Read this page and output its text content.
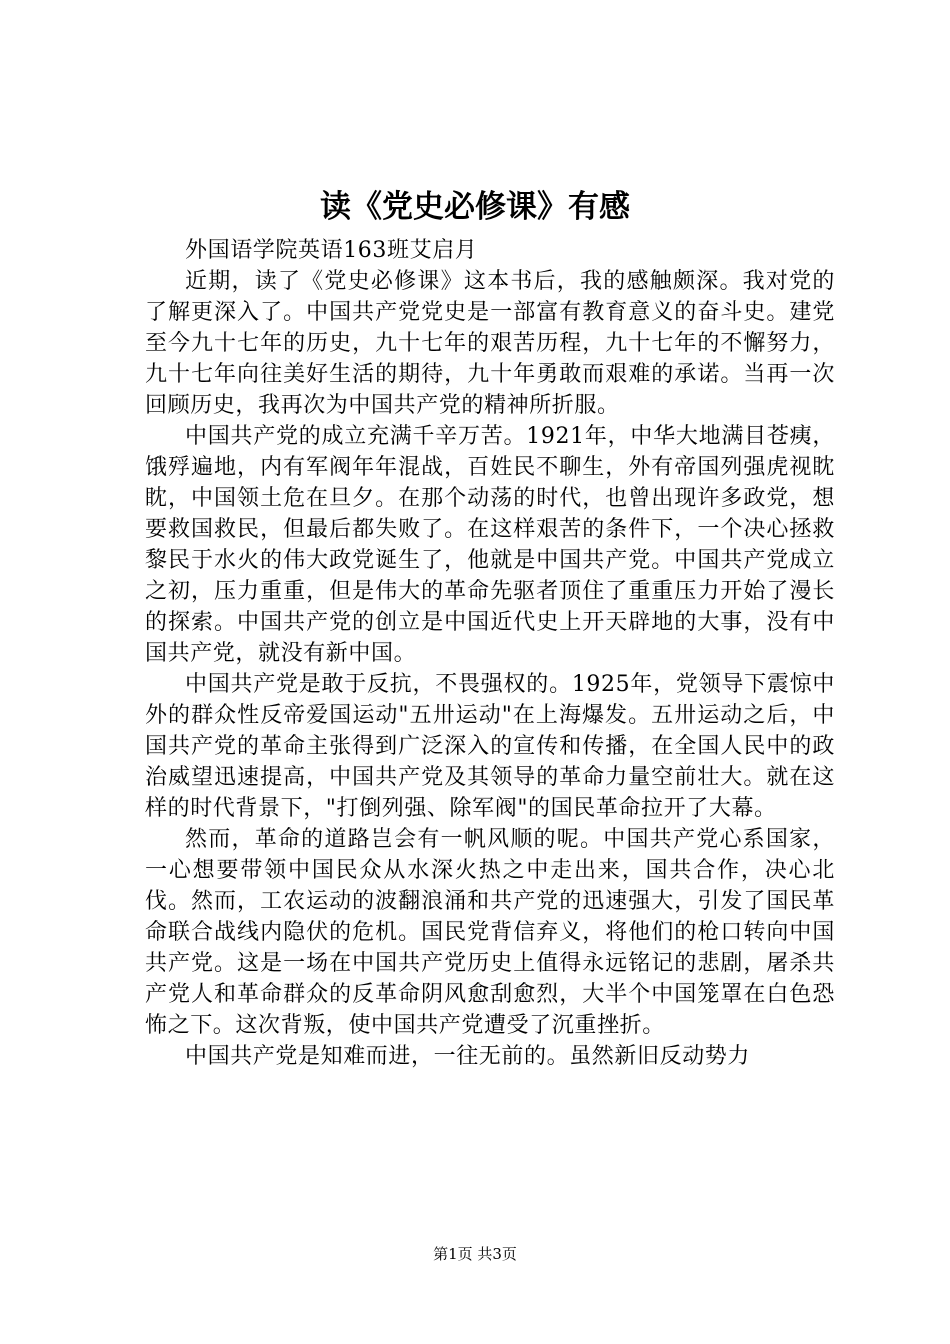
读《党史必修课》有感

外国语学院英语163班艾启月

近期，读了《党史必修课》这本书后，我的感触颇深。我对党的了解更深入了。中国共产党党史是一部富有教育意义的奋斗史。建党至今九十七年的历史，九十七年的艰苦历程，九十七年的不懈努力，九十七年向往美好生活的期待，九十年勇敢而艰难的承诺。当再一次回顾历史，我再次为中国共产党的精神所折服。

中国共产党的成立充满千辛万苦。1921年，中华大地满目苍痍，饿殍遍地，内有军阀年年混战，百姓民不聊生，外有帝国列强虎视眈眈，中国领土危在旦夕。在那个动荡的时代，也曾出现许多政党，想要救国救民，但最后都失败了。在这样艰苦的条件下，一个决心拯救黎民于水火的伟大政党诞生了，他就是中国共产党。中国共产党成立之初，压力重重，但是伟大的革命先驱者顶住了重重压力开始了漫长的探索。中国共产党的创立是中国近代史上开天辟地的大事，没有中国共产党，就没有新中国。

中国共产党是敢于反抗，不畏强权的。1925年，党领导下震惊中外的群众性反帝爱国运动"五卅运动"在上海爆发。五卅运动之后，中国共产党的革命主张得到广泛深入的宣传和传播，在全国人民中的政治威望迅速提高，中国共产党及其领导的革命力量空前壮大。就在这样的时代背景下，"打倒列强、除军阀"的国民革命拉开了大幕。

然而，革命的道路岂会有一帆风顺的呢。中国共产党心系国家，一心想要带领中国民众从水深火热之中走出来，国共合作，决心北伐。然而，工农运动的波翻浪涌和共产党的迅速强大，引发了国民革命联合战线内隐伏的危机。国民党背信弃义，将他们的枪口转向中国共产党。这是一场在中国共产党历史上值得永远铭记的悲剧，屠杀共产党人和革命群众的反革命阴风愈刮愈烈，大半个中国笼罩在白色恐怖之下。这次背叛，使中国共产党遭受了沉重挫折。

中国共产党是知难而进，一往无前的。虽然新旧反动势力

第1页 共3页
